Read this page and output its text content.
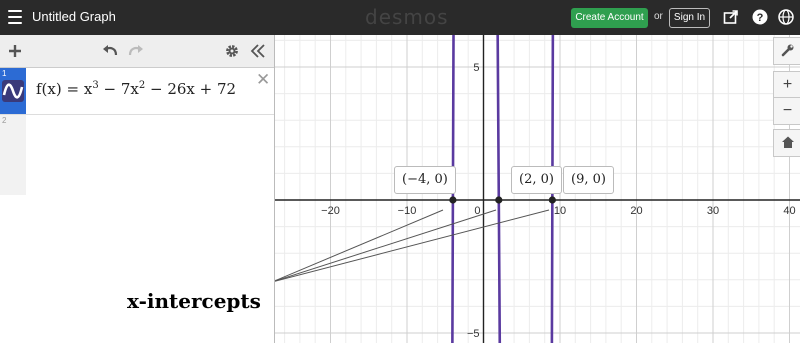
Untitled Graph	desmos	Create Account	or	Sign In	?
1
$f(x) = x^3 - 7x^2 - 26x + 72$ ✕
2
−20	−10	0	10	20	30	40
5
−5
+
−
(−4, 0)	(2, 0)	(9, 0)
x-intercepts
